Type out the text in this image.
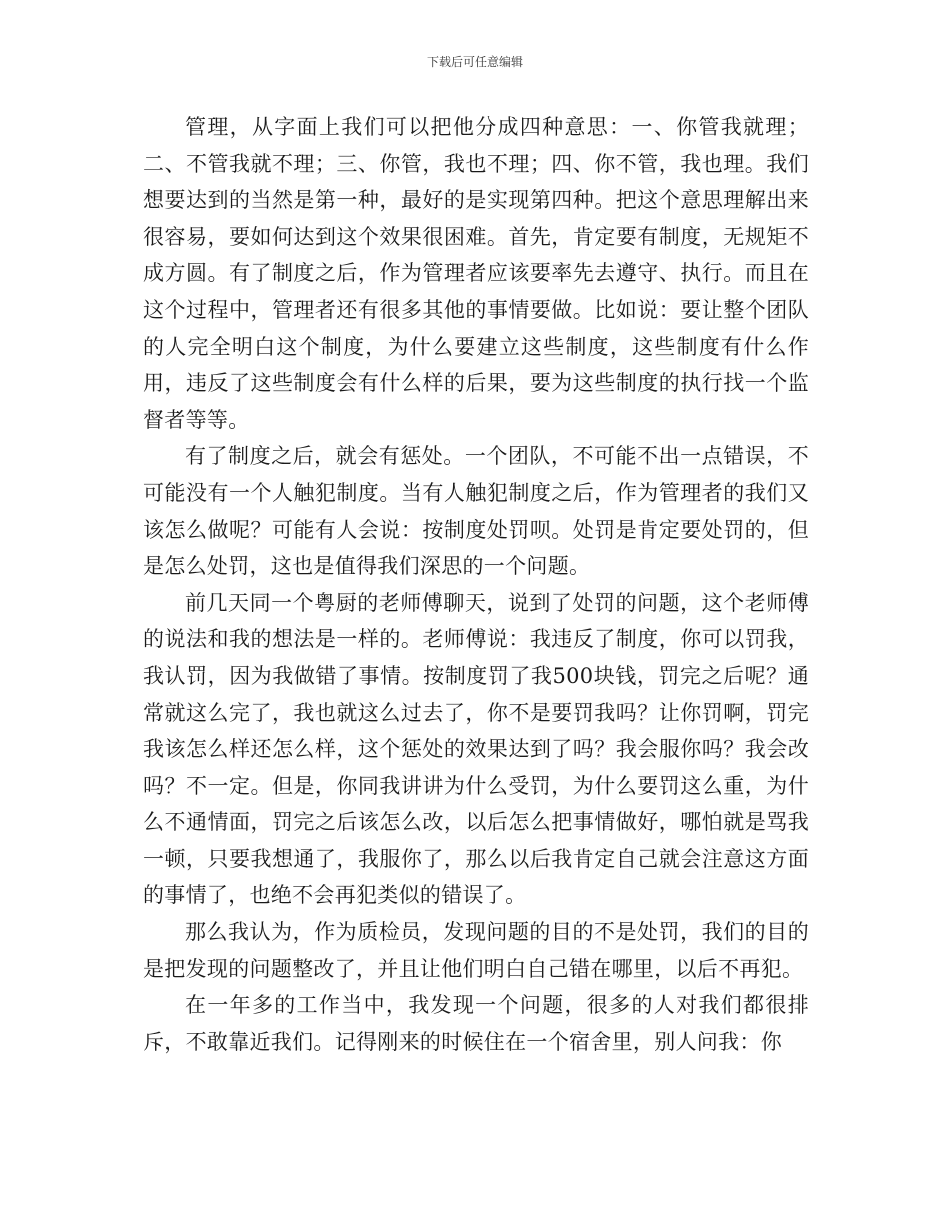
下载后可任意编辑

管理，从字面上我们可以把他分成四种意思：一、你管我就理；二、不管我就不理；三、你管，我也不理；四、你不管，我也理。我们想要达到的当然是第一种，最好的是实现第四种。把这个意思理解出来很容易，要如何达到这个效果很困难。首先，肯定要有制度，无规矩不成方圆。有了制度之后，作为管理者应该要率先去遵守、执行。而且在这个过程中，管理者还有很多其他的事情要做。比如说：要让整个团队的人完全明白这个制度，为什么要建立这些制度，这些制度有什么作用，违反了这些制度会有什么样的后果，要为这些制度的执行找一个监督者等等。

有了制度之后，就会有惩处。一个团队，不可能不出一点错误，不可能没有一个人触犯制度。当有人触犯制度之后，作为管理者的我们又该怎么做呢？可能有人会说：按制度处罚呗。处罚是肯定要处罚的，但是怎么处罚，这也是值得我们深思的一个问题。

前几天同一个粤厨的老师傅聊天，说到了处罚的问题，这个老师傅的说法和我的想法是一样的。老师傅说：我违反了制度，你可以罚我，我认罚，因为我做错了事情。按制度罚了我500块钱，罚完之后呢？通常就这么完了，我也就这么过去了，你不是要罚我吗？让你罚啊，罚完我该怎么样还怎么样，这个惩处的效果达到了吗？我会服你吗？我会改吗？不一定。但是，你同我讲讲为什么受罚，为什么要罚这么重，为什么不通情面，罚完之后该怎么改，以后怎么把事情做好，哪怕就是骂我一顿，只要我想通了，我服你了，那么以后我肯定自己就会注意这方面的事情了，也绝不会再犯类似的错误了。

那么我认为，作为质检员，发现问题的目的不是处罚，我们的目的是把发现的问题整改了，并且让他们明白自己错在哪里，以后不再犯。

在一年多的工作当中，我发现一个问题，很多的人对我们都很排斥，不敢靠近我们。记得刚来的时候住在一个宿舍里，别人问我：你
